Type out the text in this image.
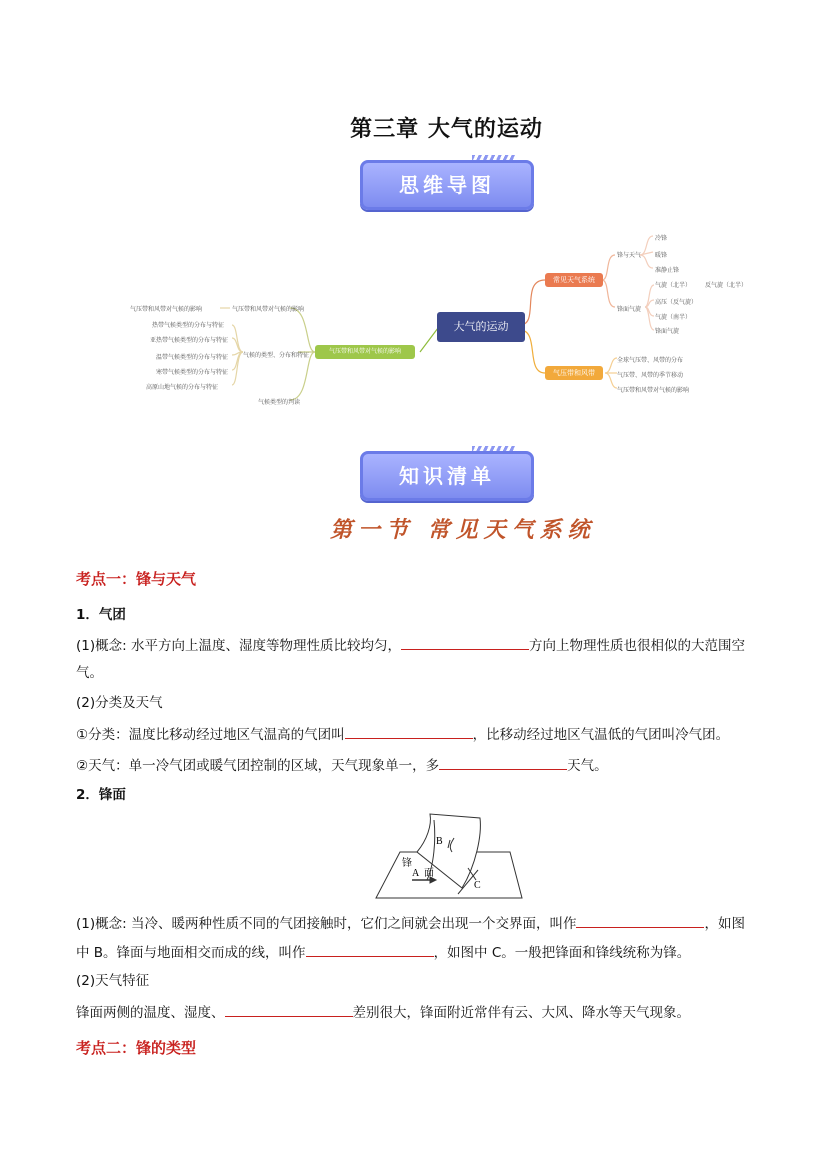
第三章 大气的运动
思维导图
大气的运动
常见天气系统
气压带和风带
气压带和风带对气候的影响
锋与天气
冷锋
暖锋
准静止锋
锋面气旋
气旋（北半） 反气旋（北半）
高压（反气旋）
气旋（南半）
锋面气旋
全球气压带、风带的分布
气压带、风带的季节移动
气压带和风带对气候的影响
气压带和风带对气候的影响
气候的类型、分布和特征
气候类型的判读
气压带和风带对气候的影响
热带气候类型的分布与特征
亚热带气候类型的分布与特征
温带气候类型的分布与特征
寒带气候类型的分布与特征
高原山地气候的分布与特征
知识清单
第一节 常见天气系统
考点一：锋与天气
1．气团
(1)概念: 水平方向上温度、湿度等物理性质比较均匀，	方向上物理性质也很相似的大范围空
气。
(2)分类及天气
①分类：温度比移动经过地区气温高的气团叫	，比移动经过地区气温低的气团叫冷气团。
②天气：单一冷气团或暖气团控制的区域，天气现象单一，多	天气。
2．锋面
B
C
A
锋
面
(1)概念: 当冷、暖两种性质不同的气团接触时，它们之间就会出现一个交界面，叫作	，如图
中 B。锋面与地面相交而成的线，叫作	，如图中 C。一般把锋面和锋线统称为锋。
(2)天气特征
锋面两侧的温度、湿度、	差别很大，锋面附近常伴有云、大风、降水等天气现象。
考点二：锋的类型
